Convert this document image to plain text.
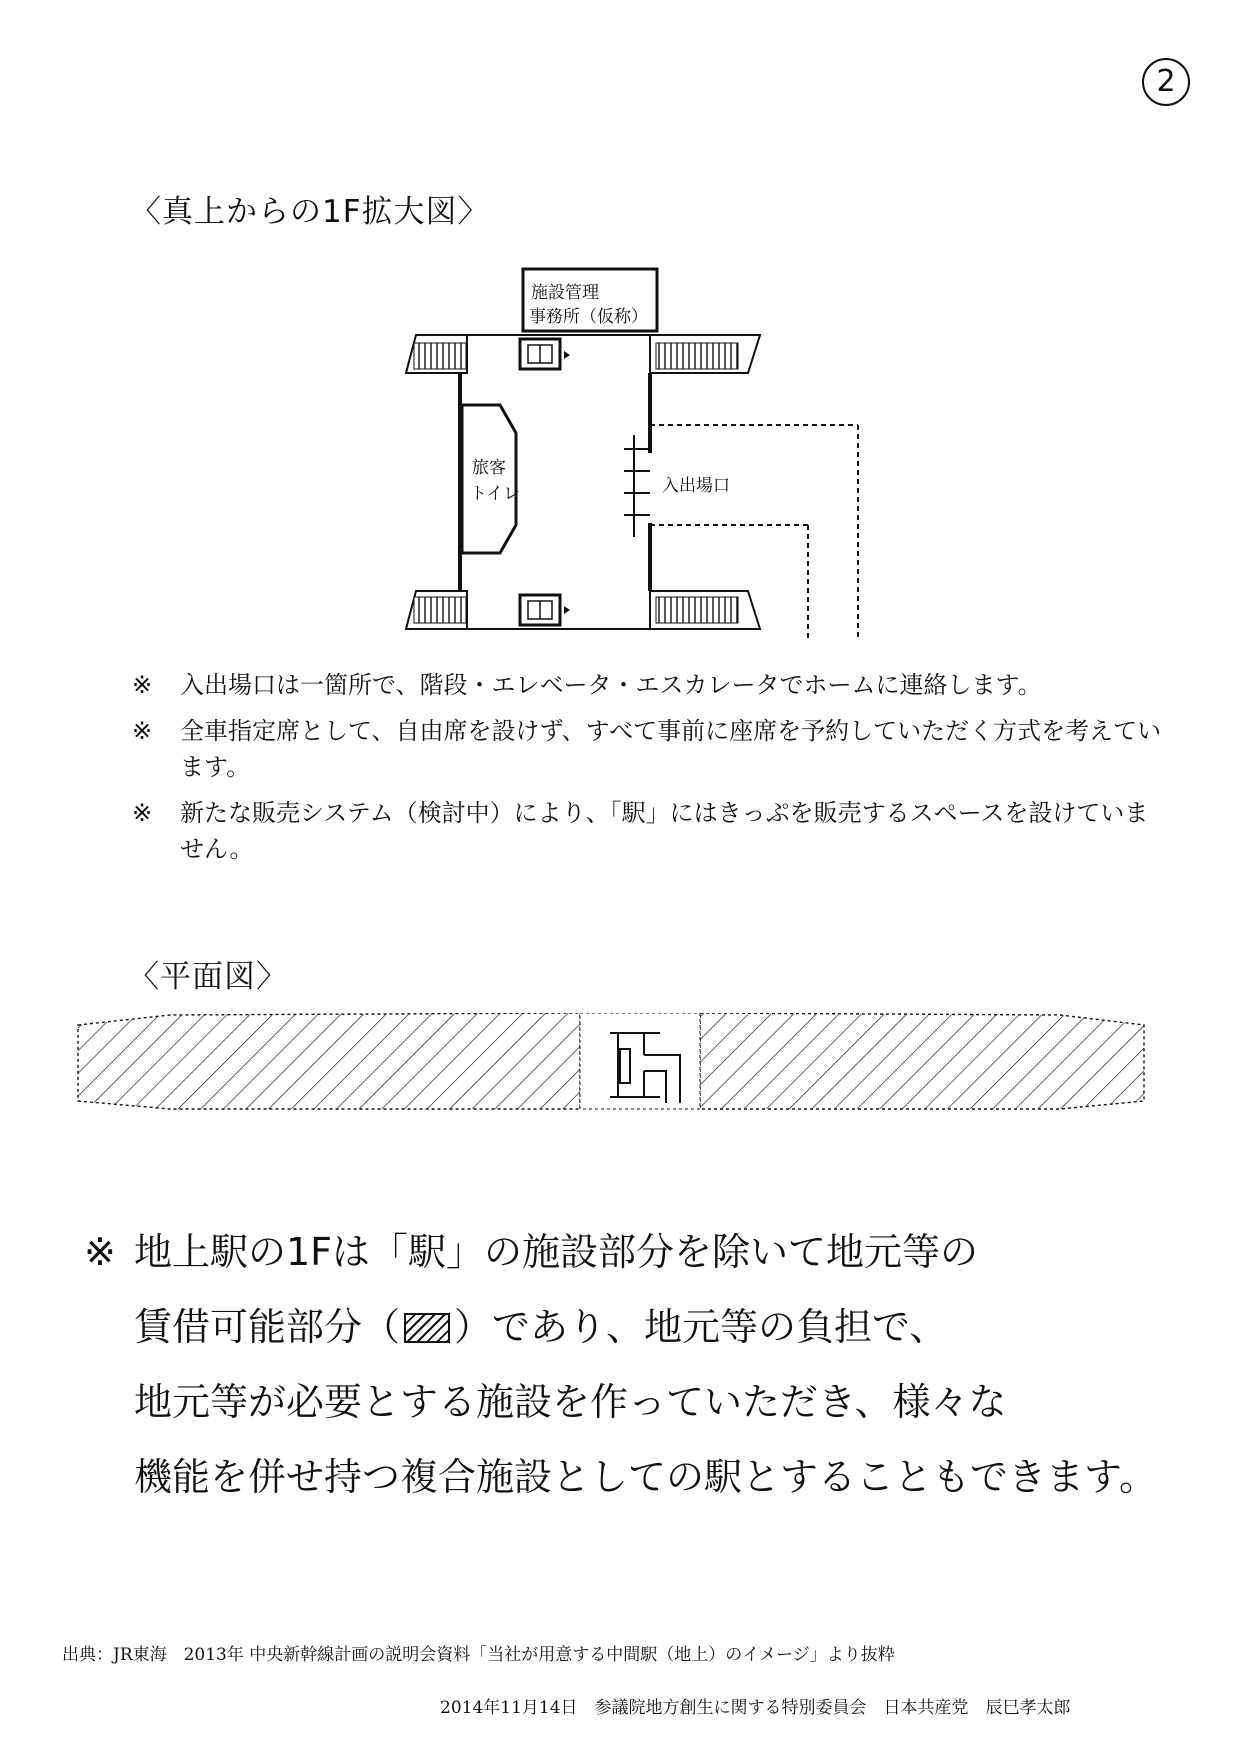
2
〈真上からの1F拡大図〉
施設管理
事務所（仮称）
旅客
トイレ	入出場口
※	入出場口は一箇所で、階段・エレベータ・エスカレータでホームに連絡します。
※	全車指定席として、自由席を設けず、すべて事前に座席を予約していただく方式を考えています。
※	新たな販売システム（検討中）により、「駅」にはきっぷを販売するスペースを設けていません。
〈平面図〉
※ 地上駅の1Fは「駅」の施設部分を除いて地元等の
賃借可能部分（ ）であり、地元等の負担で、
地元等が必要とする施設を作っていただき、様々な
機能を併せ持つ複合施設としての駅とすることもできます。
出典：JR東海　2013年 中央新幹線計画の説明会資料「当社が用意する中間駅（地上）のイメージ」より抜粋
2014年11月14日　参議院地方創生に関する特別委員会　日本共産党　辰巳孝太郎
